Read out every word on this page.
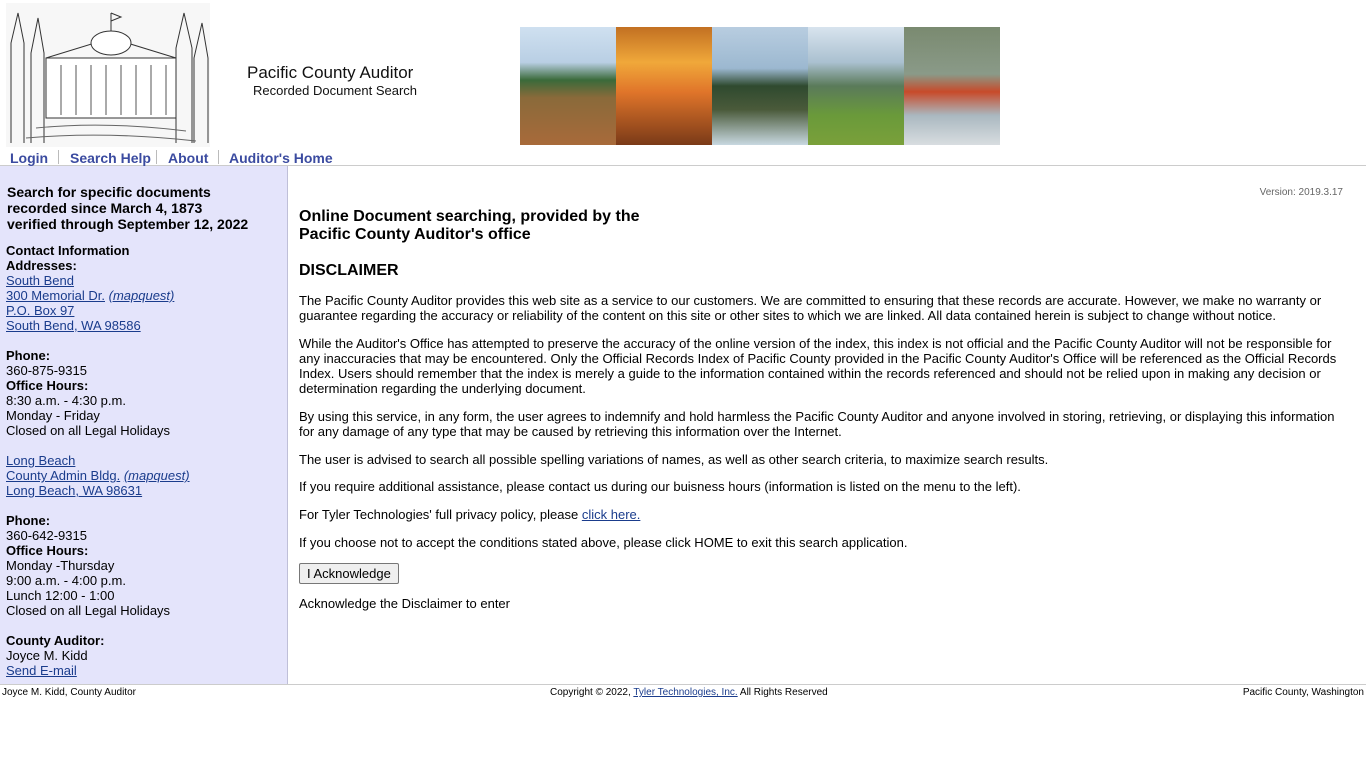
Pacific County Auditor
Recorded Document Search
Login Search Help About Auditor's Home
Search for specific documents
recorded since March 4, 1873
verified through September 12, 2022
Contact Information
Addresses:
South Bend
300 Memorial Dr. (mapquest)
P.O. Box 97
South Bend, WA 98586
Phone:
360-875-9315
Office Hours:
8:30 a.m. - 4:30 p.m.
Monday - Friday
Closed on all Legal Holidays
Long Beach
County Admin Bldg. (mapquest)
Long Beach, WA 98631
Phone:
360-642-9315
Office Hours:
Monday -Thursday
9:00 a.m. - 4:00 p.m.
Lunch 12:00 - 1:00
Closed on all Legal Holidays
County Auditor:
Joyce M. Kidd
Send E-mail
Version: 2019.3.17
Online Document searching, provided by the
Pacific County Auditor's office
DISCLAIMER
The Pacific County Auditor provides this web site as a service to our customers. We are committed to ensuring that these records are accurate. However, we make no warranty or guarantee regarding the accuracy or reliability of the content on this site or other sites to which we are linked. All data contained herein is subject to change without notice.
While the Auditor's Office has attempted to preserve the accuracy of the online version of the index, this index is not official and the Pacific County Auditor will not be responsible for any inaccuracies that may be encountered. Only the Official Records Index of Pacific County provided in the Pacific County Auditor's Office will be referenced as the Official Records Index. Users should remember that the index is merely a guide to the information contained within the records referenced and should not be relied upon in making any decision or determination regarding the underlying document.
By using this service, in any form, the user agrees to indemnify and hold harmless the Pacific County Auditor and anyone involved in storing, retrieving, or displaying this information for any damage of any type that may be caused by retrieving this information over the Internet.
The user is advised to search all possible spelling variations of names, as well as other search criteria, to maximize search results.
If you require additional assistance, please contact us during our buisness hours (information is listed on the menu to the left).
For Tyler Technologies' full privacy policy, please click here.
If you choose not to accept the conditions stated above, please click HOME to exit this search application.
I Acknowledge
Acknowledge the Disclaimer to enter
Joyce M. Kidd, County Auditor	Copyright © 2022, Tyler Technologies, Inc. All Rights Reserved	Pacific County, Washington
